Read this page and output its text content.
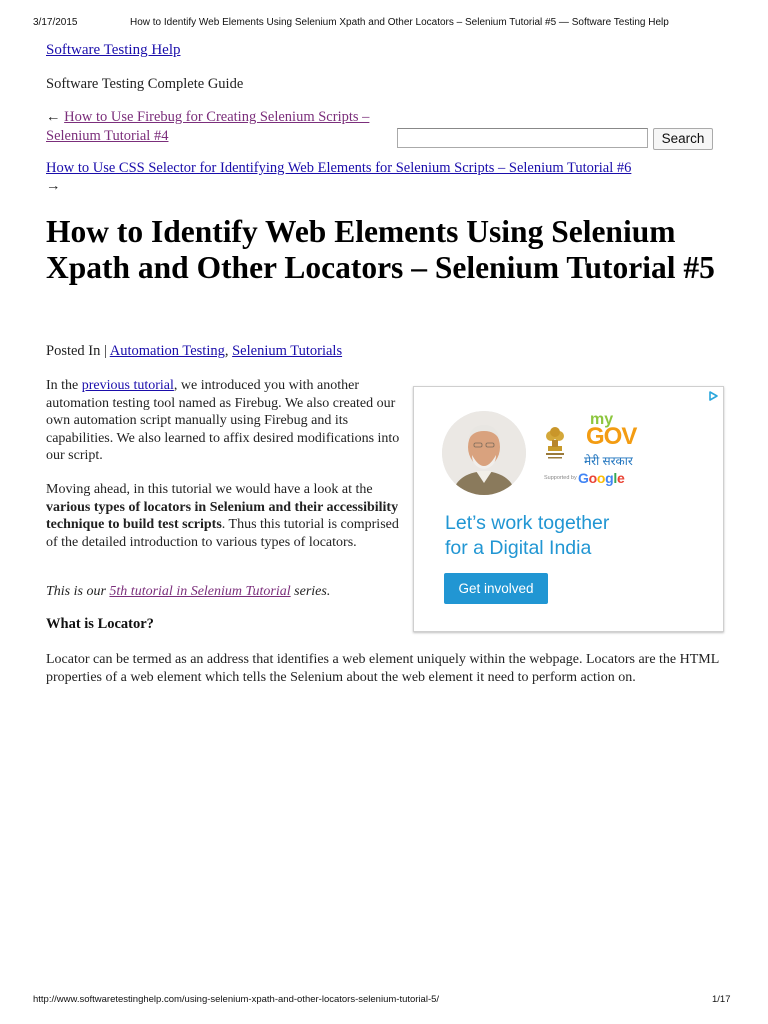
3/17/2015	How to Identify Web Elements Using Selenium Xpath and Other Locators – Selenium Tutorial #5 — Software Testing Help
Software Testing Help
Software Testing Complete Guide
← How to Use Firebug for Creating Selenium Scripts – Selenium Tutorial #4	Search
How to Use CSS Selector for Identifying Web Elements for Selenium Scripts – Selenium Tutorial #6
→
How to Identify Web Elements Using Selenium Xpath and Other Locators – Selenium Tutorial #5
Posted In | Automation Testing, Selenium Tutorials
In the previous tutorial, we introduced you with another automation testing tool named as Firebug. We also created our own automation script manually using Firebug and its capabilities. We also learned to affix desired modifications into our script.
Moving ahead, in this tutorial we would have a look at the various types of locators in Selenium and their accessibility technique to build test scripts. Thus this tutorial is comprised of the detailed introduction to various types of locators.
This is our 5th tutorial in Selenium Tutorial series.
What is Locator?
Locator can be termed as an address that identifies a web element uniquely within the webpage. Locators are the HTML properties of a web element which tells the Selenium about the web element it need to perform action on.
my
GOV
मेरी सरकार
Supported by Google
Let’s work together
for a Digital India
Get involved
http://www.softwaretestinghelp.com/using-selenium-xpath-and-other-locators-selenium-tutorial-5/	1/17
